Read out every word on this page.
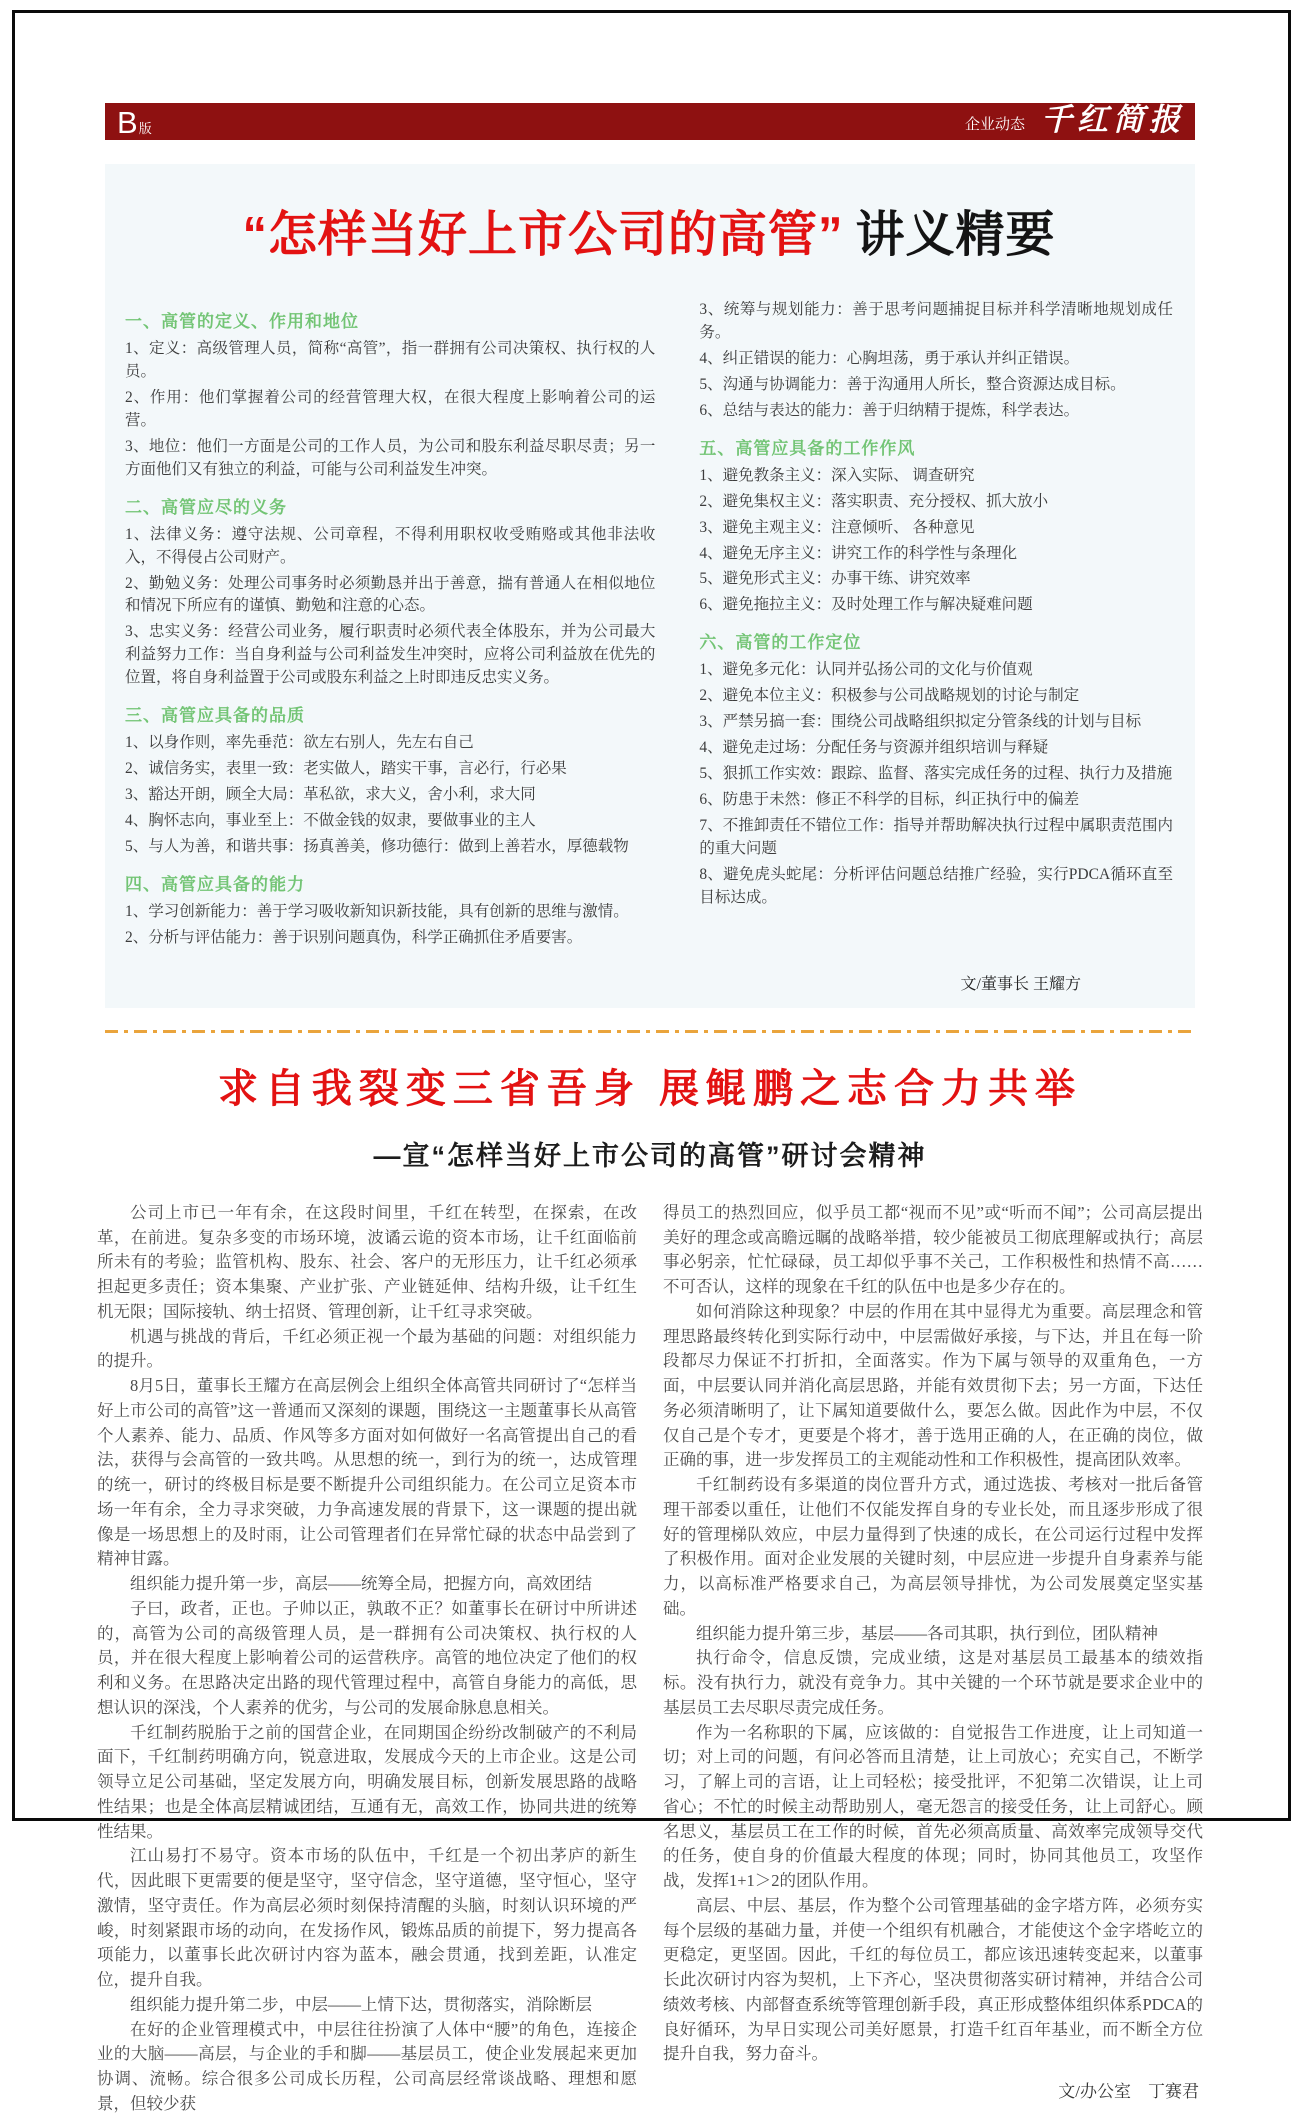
B版	企业动态 千红简报
“怎样当好上市公司的高管” 讲义精要
一、高管的定义、作用和地位

1、定义：高级管理人员，简称“高管”，指一群拥有公司决策权、执行权的人员。

2、作用：他们掌握着公司的经营管理大权，在很大程度上影响着公司的运营。

3、地位：他们一方面是公司的工作人员，为公司和股东利益尽职尽责；另一方面他们又有独立的利益，可能与公司利益发生冲突。

二、高管应尽的义务

1、法律义务：遵守法规、公司章程，不得利用职权收受贿赂或其他非法收入，不得侵占公司财产。

2、勤勉义务：处理公司事务时必须勤恳并出于善意，揣有普通人在相似地位和情况下所应有的谨慎、勤勉和注意的心态。

3、忠实义务：经营公司业务，履行职责时必须代表全体股东，并为公司最大利益努力工作：当自身利益与公司利益发生冲突时，应将公司利益放在优先的位置，将自身利益置于公司或股东利益之上时即违反忠实义务。

三、高管应具备的品质

1、以身作则，率先垂范：欲左右别人，先左右自己

2、诚信务实，表里一致：老实做人，踏实干事，言必行，行必果

3、豁达开朗，顾全大局：革私欲，求大义，舍小利，求大同

4、胸怀志向，事业至上：不做金钱的奴隶，要做事业的主人

5、与人为善，和谐共事：扬真善美，修功德行：做到上善若水，厚德载物

四、高管应具备的能力

1、学习创新能力：善于学习吸收新知识新技能，具有创新的思维与激情。

2、分析与评估能力：善于识别问题真伪，科学正确抓住矛盾要害。

3、统筹与规划能力：善于思考问题捕捉目标并科学清晰地规划成任务。

4、纠正错误的能力：心胸坦荡，勇于承认并纠正错误。

5、沟通与协调能力：善于沟通用人所长，整合资源达成目标。

6、总结与表达的能力：善于归纳精于提炼，科学表达。

五、高管应具备的工作作风

1、避免教条主义：深入实际、 调查研究

2、避免集权主义：落实职责、充分授权、抓大放小

3、避免主观主义：注意倾听、 各种意见

4、避免无序主义：讲究工作的科学性与条理化

5、避免形式主义：办事干练、讲究效率

6、避免拖拉主义：及时处理工作与解决疑难问题

六、高管的工作定位

1、避免多元化：认同并弘扬公司的文化与价值观

2、避免本位主义：积极参与公司战略规划的讨论与制定

3、严禁另搞一套：围绕公司战略组织拟定分管条线的计划与目标

4、避免走过场：分配任务与资源并组织培训与释疑

5、狠抓工作实效：跟踪、监督、落实完成任务的过程、执行力及措施

6、防患于未然：修正不科学的目标，纠正执行中的偏差

7、不推卸责任不错位工作：指导并帮助解决执行过程中属职责范围内的重大问题

8、避免虎头蛇尾：分析评估问题总结推广经验，实行PDCA循环直至目标达成。

文/董事长 王耀方
求自我裂变三省吾身 展鲲鹏之志合力共举
—宣“怎样当好上市公司的高管”研讨会精神

公司上市已一年有余，在这段时间里，千红在转型，在探索，在改革，在前进。复杂多变的市场环境，波谲云诡的资本市场，让千红面临前所未有的考验；监管机构、股东、社会、客户的无形压力，让千红必须承担起更多责任；资本集聚、产业扩张、产业链延伸、结构升级，让千红生机无限；国际接轨、纳士招贤、管理创新，让千红寻求突破。

机遇与挑战的背后，千红必须正视一个最为基础的问题：对组织能力的提升。

8月5日，董事长王耀方在高层例会上组织全体高管共同研讨了“怎样当好上市公司的高管”这一普通而又深刻的课题，围绕这一主题董事长从高管个人素养、能力、品质、作风等多方面对如何做好一名高管提出自己的看法，获得与会高管的一致共鸣。从思想的统一，到行为的统一，达成管理的统一，研讨的终极目标是要不断提升公司组织能力。在公司立足资本市场一年有余，全力寻求突破，力争高速发展的背景下，这一课题的提出就像是一场思想上的及时雨，让公司管理者们在异常忙碌的状态中品尝到了精神甘露。

组织能力提升第一步，高层——统筹全局，把握方向，高效团结

子曰，政者，正也。子帅以正，孰敢不正？如董事长在研讨中所讲述的，高管为公司的高级管理人员，是一群拥有公司决策权、执行权的人员，并在很大程度上影响着公司的运营秩序。高管的地位决定了他们的权利和义务。在思路决定出路的现代管理过程中，高管自身能力的高低，思想认识的深浅，个人素养的优劣，与公司的发展命脉息息相关。

千红制药脱胎于之前的国营企业，在同期国企纷纷改制破产的不利局面下，千红制药明确方向，锐意进取，发展成今天的上市企业。这是公司领导立足公司基础，坚定发展方向，明确发展目标，创新发展思路的战略性结果；也是全体高层精诚团结，互通有无，高效工作，协同共进的统筹性结果。

江山易打不易守。资本市场的队伍中，千红是一个初出茅庐的新生代，因此眼下更需要的便是坚守，坚守信念，坚守道德，坚守恒心，坚守激情，坚守责任。作为高层必须时刻保持清醒的头脑，时刻认识环境的严峻，时刻紧跟市场的动向，在发扬作风，锻炼品质的前提下，努力提高各项能力，以董事长此次研讨内容为蓝本，融会贯通，找到差距，认准定位，提升自我。

组织能力提升第二步，中层——上情下达，贯彻落实，消除断层

在好的企业管理模式中，中层往往扮演了人体中“腰”的角色，连接企业的大脑——高层，与企业的手和脚——基层员工，使企业发展起来更加协调、流畅。综合很多公司成长历程，公司高层经常谈战略、理想和愿景，但较少获

得员工的热烈回应，似乎员工都“视而不见”或“听而不闻”；公司高层提出美好的理念或高瞻远瞩的战略举措，较少能被员工彻底理解或执行；高层事必躬亲，忙忙碌碌，员工却似乎事不关己，工作积极性和热情不高……不可否认，这样的现象在千红的队伍中也是多少存在的。

如何消除这种现象？中层的作用在其中显得尤为重要。高层理念和管理思路最终转化到实际行动中，中层需做好承接，与下达，并且在每一阶段都尽力保证不打折扣，全面落实。作为下属与领导的双重角色，一方面，中层要认同并消化高层思路，并能有效贯彻下去；另一方面，下达任务必须清晰明了，让下属知道要做什么，要怎么做。因此作为中层，不仅仅自己是个专才，更要是个将才，善于选用正确的人，在正确的岗位，做正确的事，进一步发挥员工的主观能动性和工作积极性，提高团队效率。

千红制药设有多渠道的岗位晋升方式，通过选拔、考核对一批后备管理干部委以重任，让他们不仅能发挥自身的专业长处，而且逐步形成了很好的管理梯队效应，中层力量得到了快速的成长，在公司运行过程中发挥了积极作用。面对企业发展的关键时刻，中层应进一步提升自身素养与能力，以高标准严格要求自己，为高层领导排忧，为公司发展奠定坚实基础。

组织能力提升第三步，基层——各司其职，执行到位，团队精神

执行命令，信息反馈，完成业绩，这是对基层员工最基本的绩效指标。没有执行力，就没有竞争力。其中关键的一个环节就是要求企业中的基层员工去尽职尽责完成任务。

作为一名称职的下属，应该做的：自觉报告工作进度，让上司知道一切；对上司的问题，有问必答而且清楚，让上司放心；充实自己，不断学习，了解上司的言语，让上司轻松；接受批评，不犯第二次错误，让上司省心；不忙的时候主动帮助别人，毫无怨言的接受任务，让上司舒心。顾名思义，基层员工在工作的时候，首先必须高质量、高效率完成领导交代的任务，使自身的价值最大程度的体现；同时，协同其他员工，攻坚作战，发挥1+1＞2的团队作用。

高层、中层、基层，作为整个公司管理基础的金字塔方阵，必须夯实每个层级的基础力量，并使一个组织有机融合，才能使这个金字塔屹立的更稳定，更坚固。因此，千红的每位员工，都应该迅速转变起来，以董事长此次研讨内容为契机，上下齐心，坚决贯彻落实研讨精神，并结合公司绩效考核、内部督查系统等管理创新手段，真正形成整体组织体系PDCA的良好循环，为早日实现公司美好愿景，打造千红百年基业，而不断全方位提升自我，努力奋斗。

文/办公室　丁赛君
